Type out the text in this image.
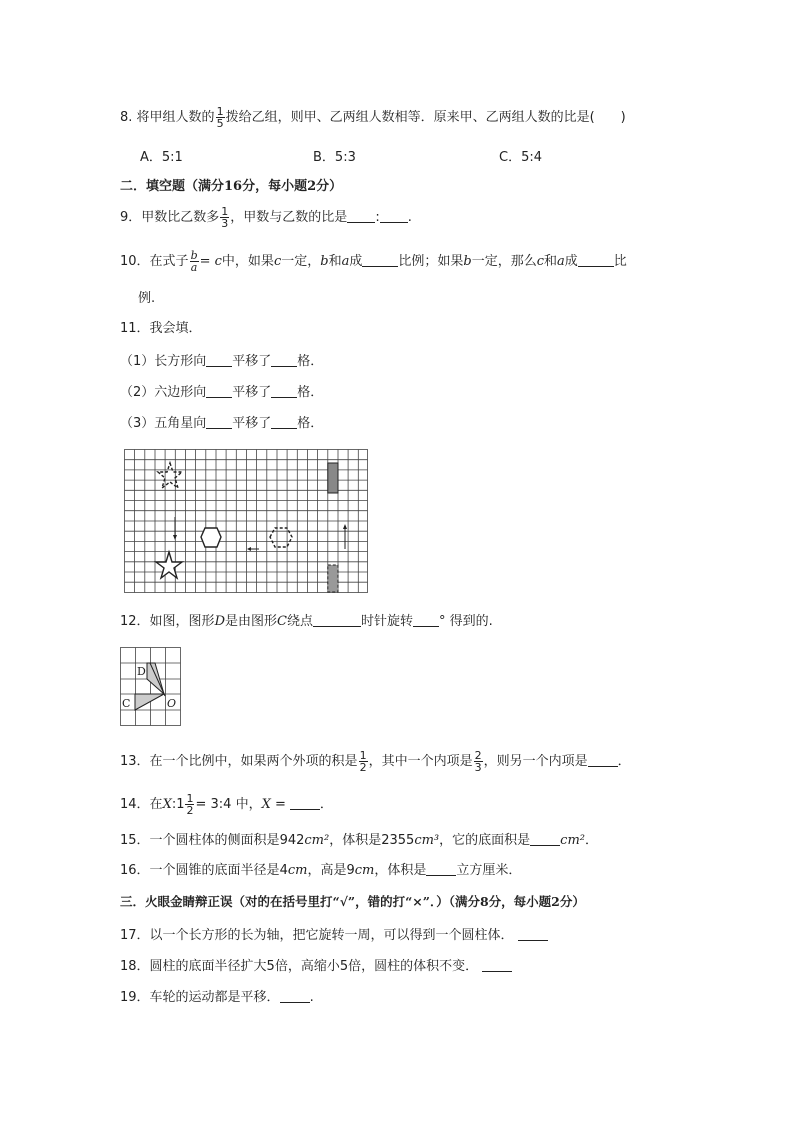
8. 将甲组人数的 $\frac{1}{5}$ 拨给乙组，则甲、乙两组人数相等．原来甲、乙两组人数的比是(　　)
A．5:1	B．5:3	C．5:4
二．填空题（满分16分，每小题2分）
9．甲数比乙数多 $\frac{1}{3}$ ，甲数与乙数的比是 : .
10．在式子 $\frac{b}{a} = c$中，如果c一定，b和a成	比例；如果b一定，那么c和a成	比
例.
11．我会填．
（1）长方形向 平移了 格．
（2）六边形向 平移了 格．
（3）五角星向 平移了 格．
12．如图，图形D是由图形C绕点	时针旋转 ° 得到的.
D
C	O
13．在一个比例中，如果两个外项的积是 $\frac{1}{2}$ ，其中一个内项是 $\frac{2}{3}$ ，则另一个内项是 ．
14．在X:1 $\frac{1}{2}$ = 3:4 中，X =	．
15．一个圆柱体的侧面积是942cm²，体积是2355cm³，它的底面积是 cm²．
16．一个圆锥的底面半径是4cm，高是9cm，体积是 立方厘米．
三．火眼金睛辩正误（对的在括号里打“√”，错的打“×”．）（满分8分，每小题2分）
17．以一个长方形的长为轴，把它旋转一周，可以得到一个圆柱体．
18．圆柱的底面半径扩大5倍，高缩小5倍，圆柱的体积不变．
19．车轮的运动都是平移． .
